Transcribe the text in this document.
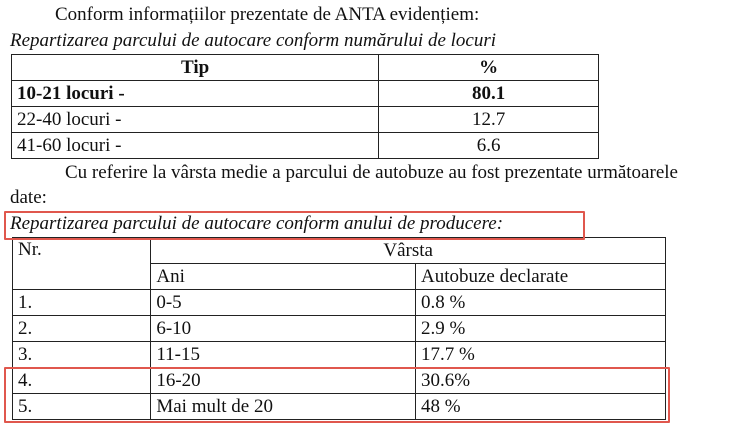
Conform informațiilor prezentate de ANTA evidențiem:
Repartizarea parcului de autocare conform numărului de locuri
Tip	%
10-21 locuri -	80.1
22-40 locuri -	12.7
41-60 locuri -	6.6
Cu referire la vârsta medie a parcului de autobuze au fost prezentate următoarele
date:
Repartizarea parcului de autocare conform anului de producere:
Nr.	Vârsta	
	Ani	Autobuze declarate
1.	0-5	0.8 %
2.	6-10	2.9 %
3.	11-15	17.7 %
4.	16-20	30.6%
5.	Mai mult de 20	48 %
